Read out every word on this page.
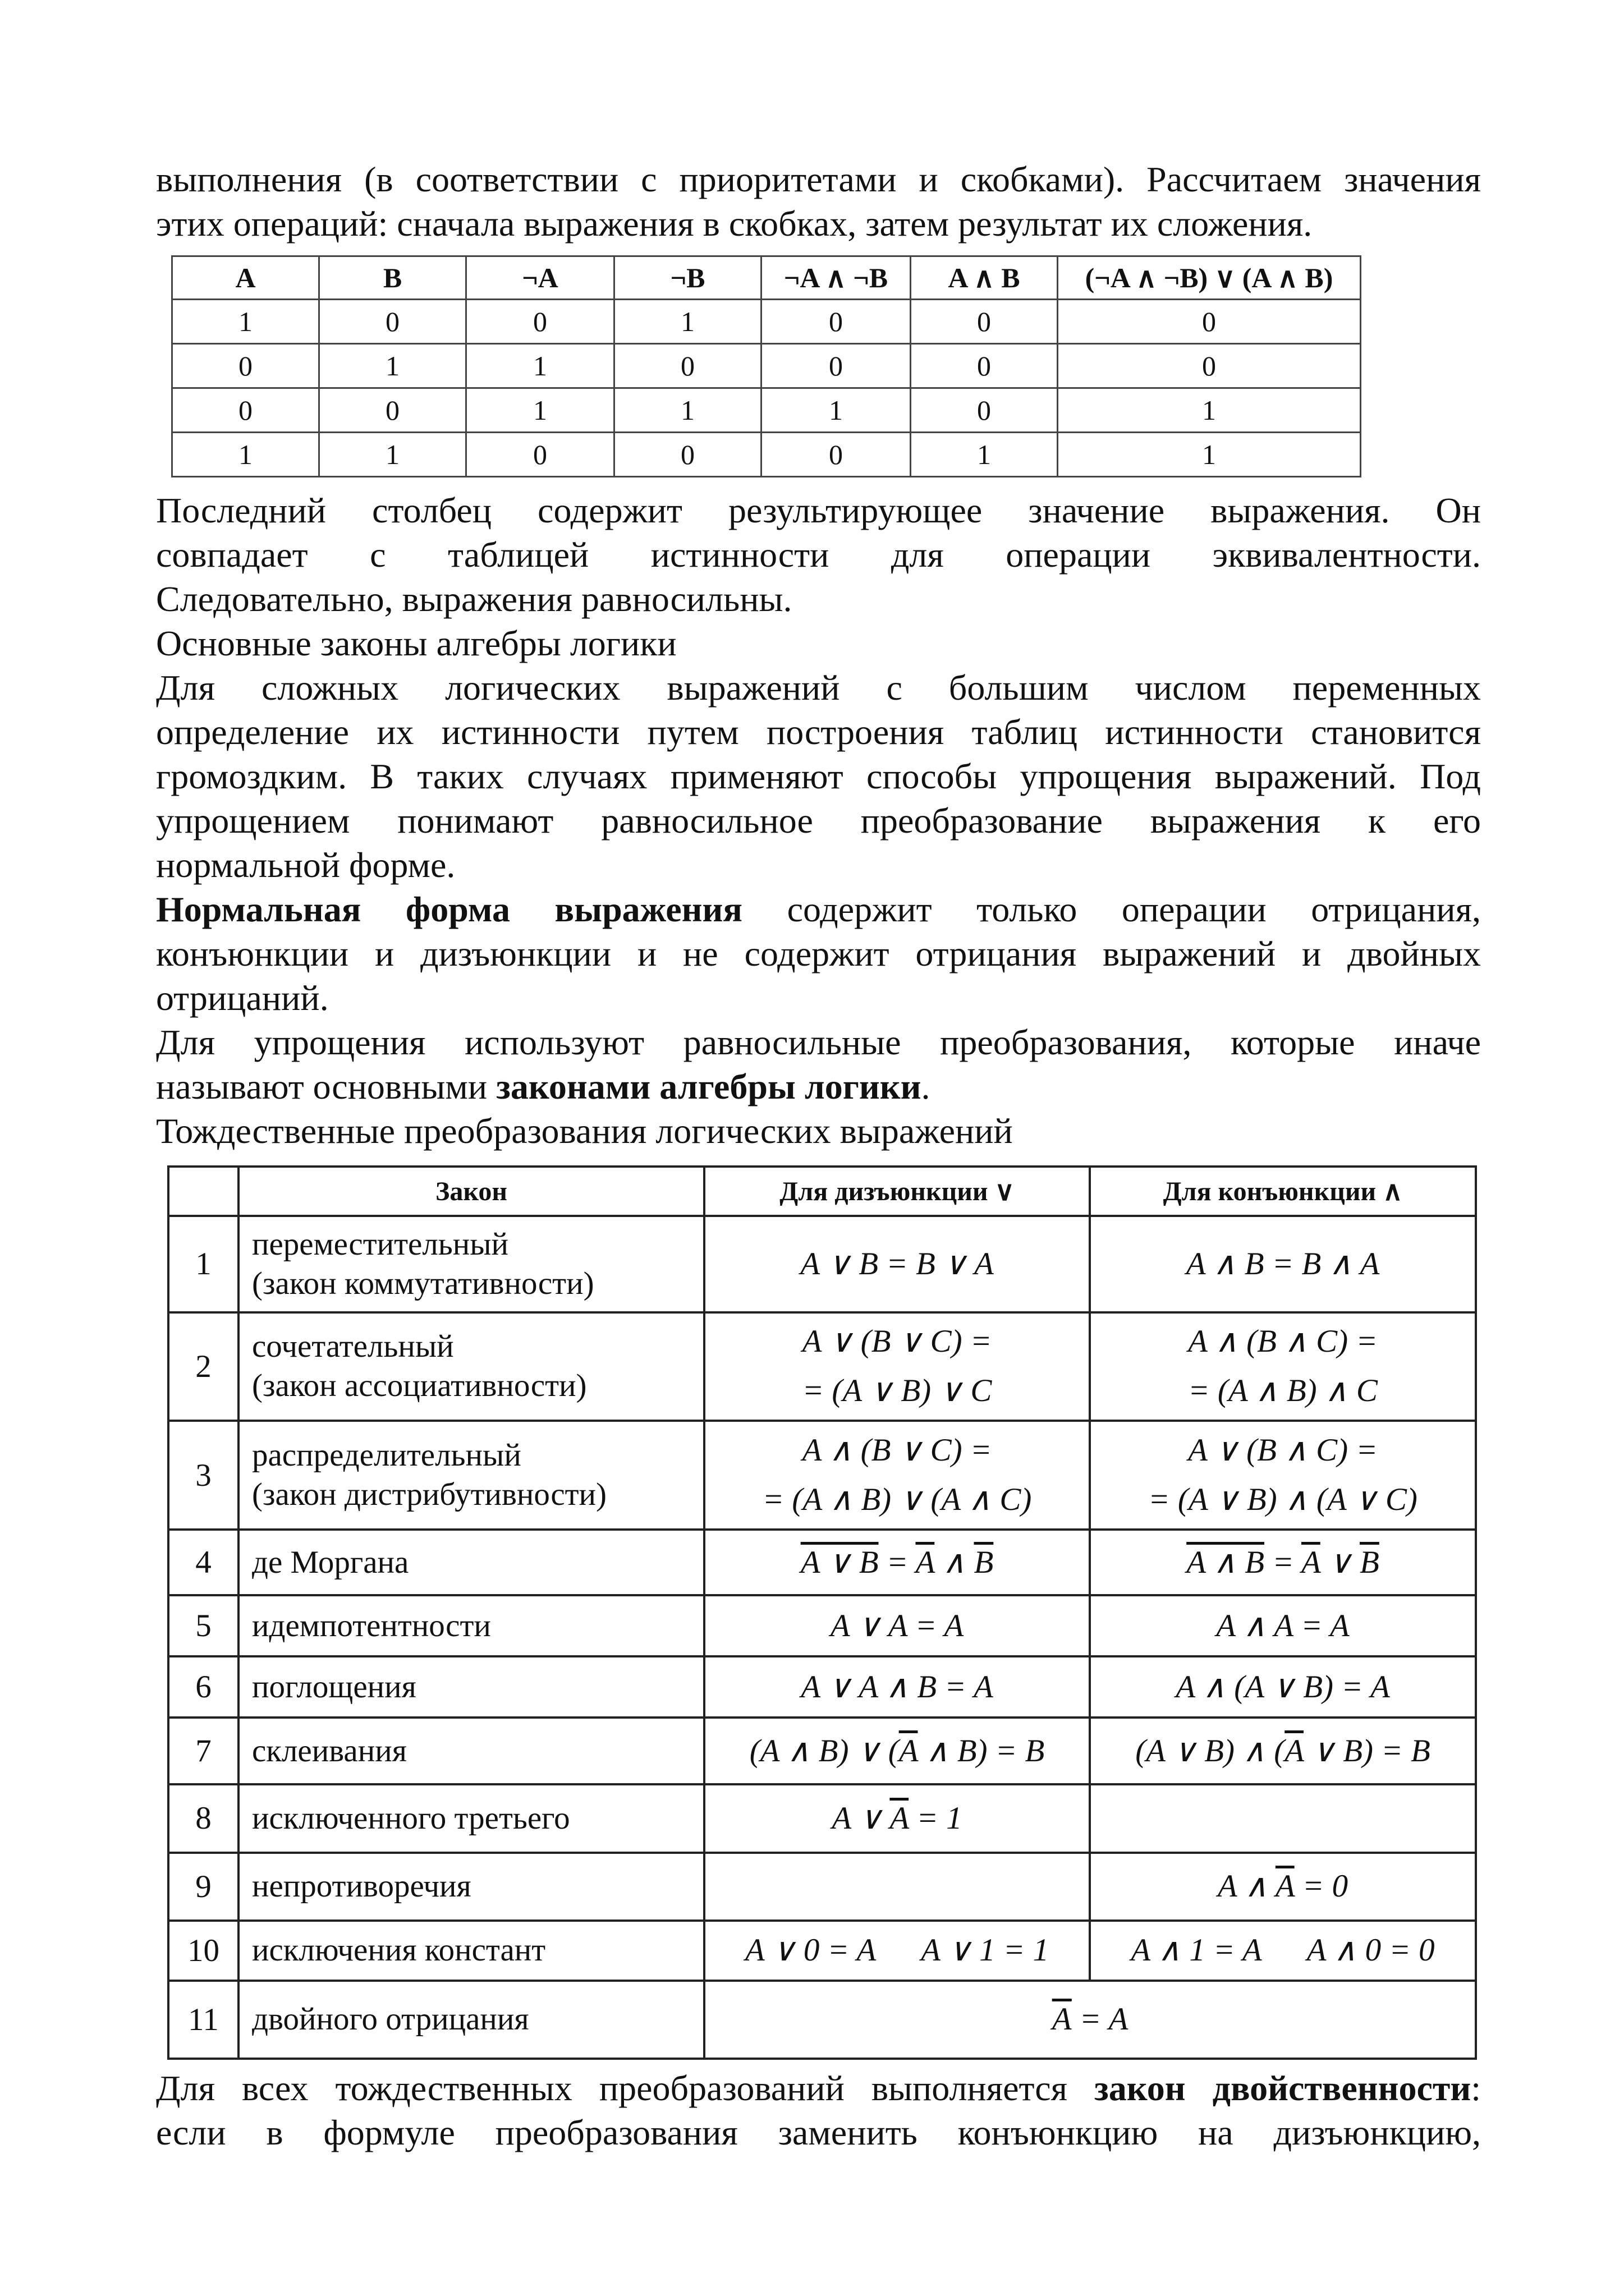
выполнения (в соответствии с приоритетами и скобками). Рассчитаем значения

этих операций: сначала выражения в скобках, затем результат их сложения.

A	B	¬A	¬B	¬A ∧ ¬B	A ∧ B	(¬A ∧ ¬B) ∨ (A ∧ B)
1	0	0	1	0	0	0
0	1	1	0	0	0	0
0	0	1	1	1	0	1
1	1	0	0	0	1	1

Последний столбец содержит результирующее значение выражения. Он

совпадает с таблицей истинности для операции эквивалентности.

Следовательно, выражения равносильны.

Основные законы алгебры логики

Для сложных логических выражений с большим числом переменных

определение их истинности путем построения таблиц истинности становится

громоздким. В таких случаях применяют способы упрощения выражений. Под

упрощением понимают равносильное преобразование выражения к его

нормальной форме.

Нормальная форма выражения содержит только операции отрицания,

конъюнкции и дизъюнкции и не содержит отрицания выражений и двойных

отрицаний.

Для упрощения используют равносильные преобразования, которые иначе

называют основными законами алгебры логики.

Тождественные преобразования логических выражений

	Закон	Для дизъюнкции ∨	Для конъюнкции ∧
1	переместительный
(закон коммутативности)	A ∨ B = B ∨ A	A ∧ B = B ∧ A
2	сочетательный
(закон ассоциативности)	A ∨ (B ∨ C) =
= (A ∨ B) ∨ C	A ∧ (B ∧ C) =
= (A ∧ B) ∧ C

3	распределительный
(закон дистрибутивности)	A ∧ (B ∨ C) =
= (A ∧ B) ∨ (A ∧ C)	A ∨ (B ∧ C) =
= (A ∨ B) ∧ (A ∨ C)

4	де Моргана	A ∨ $B = \overline{A}$ ∧ $\overline{B}$	A ∧ $B = \overline{A}$ ∨ $\overline{B}$
5	идемпотентности	A ∨ A = A	A ∧ A = A
6	поглощения	A ∨ A ∧ B = A	A ∧ (A ∨ B) = A
7	склеивания	(A ∧ B) ∨ ($\overline{A}$ ∧ B) = B	(A ∨ B) ∧ ($\overline{A}$ ∨ B) = B
8	исключенного третьего	A ∨ $\overline{A} = 1$	
9	непротиворечия		A ∧ $\overline{A} = 0$
10	исключения констант	A ∨ 0 = A A ∨ 1 = 1	A ∧ 1 = A A ∧ 0 = 0
11	двойного отрицания	$\overline{A} = A$	

Для всех тождественных преобразований выполняется закон двойственности:

если в формуле преобразования заменить конъюнкцию на дизъюнкцию,
